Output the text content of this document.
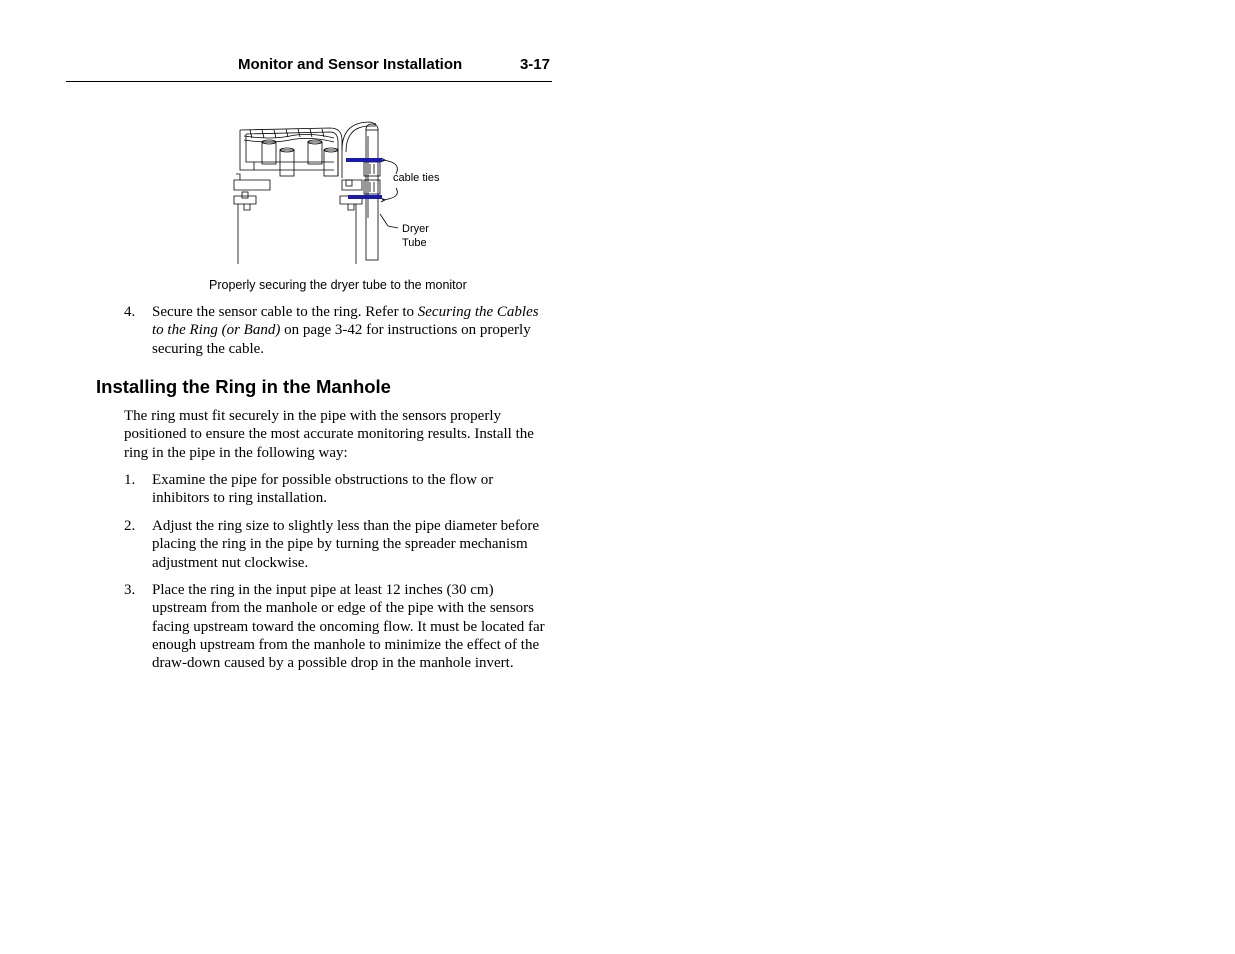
Monitor and Sensor Installation	3-17
cable ties
Dryer
Tube
Properly securing the dryer tube to the monitor
4. Secure the sensor cable to the ring. Refer to Securing the Cables to the Ring (or Band) on page 3-42 for instructions on properly securing the cable.
Installing the Ring in the Manhole
The ring must fit securely in the pipe with the sensors properly positioned to ensure the most accurate monitoring results. Install the ring in the pipe in the following way:
1. Examine the pipe for possible obstructions to the flow or inhibitors to ring installation.
2. Adjust the ring size to slightly less than the pipe diameter before placing the ring in the pipe by turning the spreader mechanism adjustment nut clockwise.
3. Place the ring in the input pipe at least 12 inches (30 cm) upstream from the manhole or edge of the pipe with the sensors facing upstream toward the oncoming flow. It must be located far enough upstream from the manhole to minimize the effect of the draw-down caused by a possible drop in the manhole invert.
